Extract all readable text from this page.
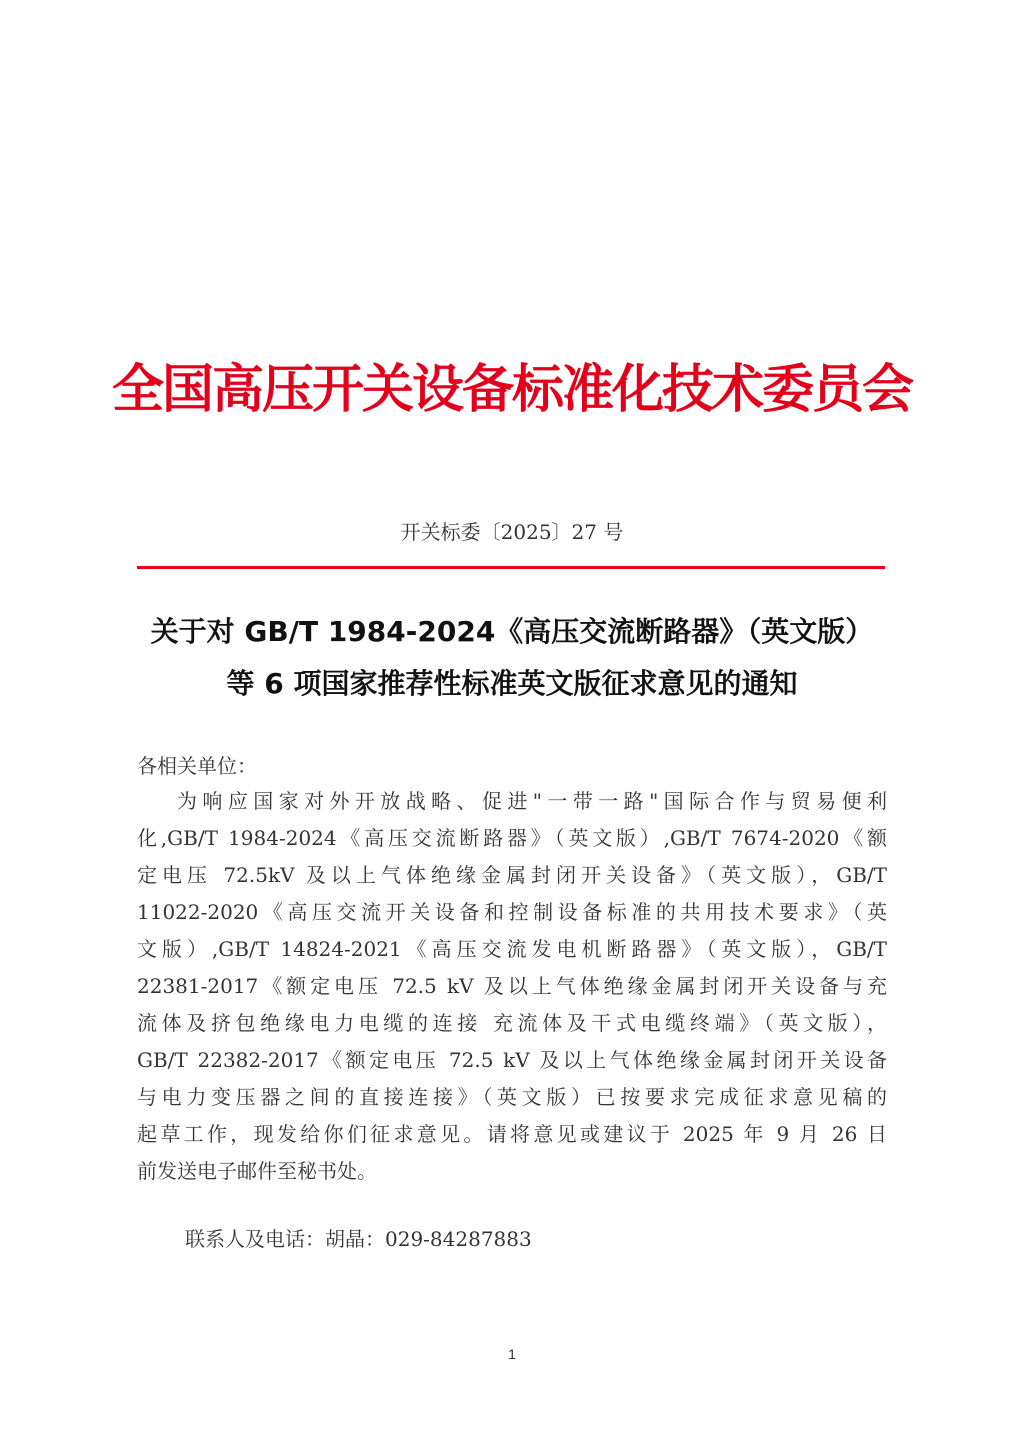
全国高压开关设备标准化技术委员会
开关标委〔2025〕27 号
关于对 GB/T 1984-2024《高压交流断路器》（英文版）
等 6 项国家推荐性标准英文版征求意见的通知
各相关单位：
为响应国家对外开放战略、促进"一带一路"国际合作与贸易便利
化,GB/T 1984-2024《高压交流断路器》（英文版）,GB/T 7674-2020《额
定电压 72.5kV 及以上气体绝缘金属封闭开关设备》（英文版），GB/T
11022-2020《高压交流开关设备和控制设备标准的共用技术要求》（英
文版）,GB/T 14824-2021《高压交流发电机断路器》（英文版），GB/T
22381-2017《额定电压 72.5 kV 及以上气体绝缘金属封闭开关设备与充
流体及挤包绝缘电力电缆的连接 充流体及干式电缆终端》（英文版），
GB/T 22382-2017《额定电压 72.5 kV 及以上气体绝缘金属封闭开关设备
与电力变压器之间的直接连接》（英文版）已按要求完成征求意见稿的
起草工作，现发给你们征求意见。请将意见或建议于 2025 年 9 月 26 日
前发送电子邮件至秘书处。
联系人及电话：胡晶：029-84287883
1
